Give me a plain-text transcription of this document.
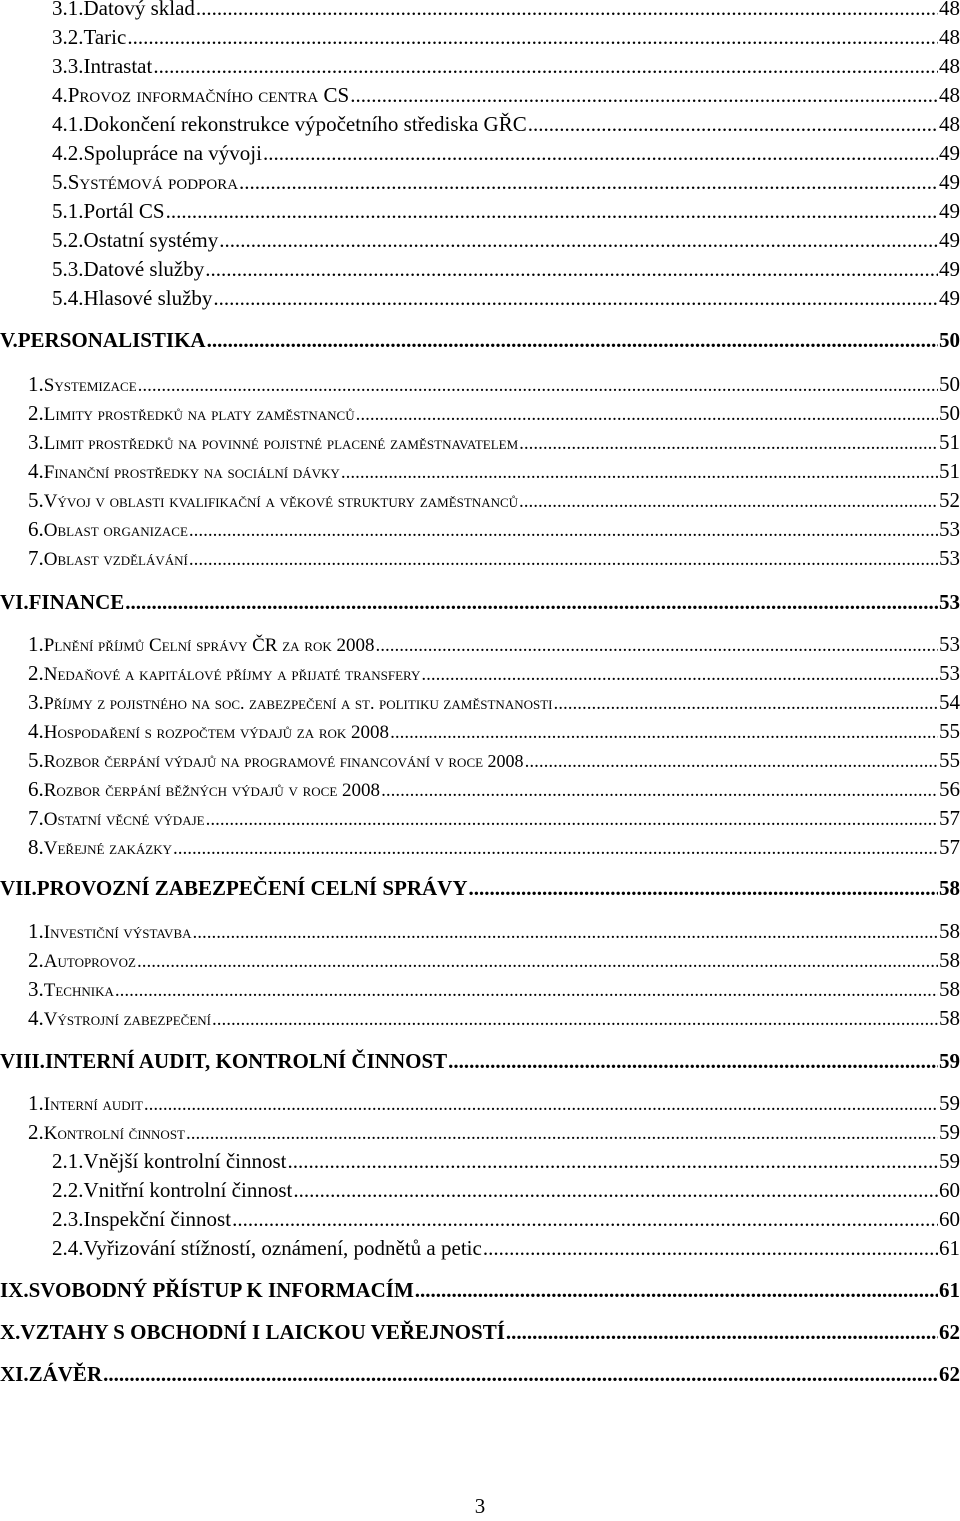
3.1. Datový sklad .....	48
3.2. Taric .....	48
3.3. Intrastat .....	48
4. Provoz informačního centra CS .....	48
4.1. Dokončení rekonstrukce výpočetního střediska GŘC .....	48
4.2. Spolupráce na vývoji .....	49
5. Systémová podpora .....	49
5.1. Portál CS .....	49
5.2. Ostatní systémy .....	49
5.3. Datové služby .....	49
5.4. Hlasové služby .....	49
V. PERSONALISTIKA .....	50
1. Systemizace .....	50
2. Limity prostředků na platy zaměstnanců .....	50
3. Limit prostředků na povinné pojistné placené zaměstnavatelem .....	51
4. Finanční prostředky na sociální dávky .....	51
5. Vývoj v oblasti kvalifikační a věkové struktury zaměstnanců .....	52
6. Oblast organizace .....	53
7. Oblast vzdělávání .....	53
VI. FINANCE .....	53
1. Plnění příjmů Celní správy ČR za rok 2008 .....	53
2. Nedaňové a kapitálové příjmy a přijaté transfery .....	53
3. Příjmy z pojistného na soc. zabezpečení a st. politiku zaměstnanosti .....	54
4. Hospodaření s rozpočtem výdajů za rok 2008 .....	55
5. Rozbor čerpání výdajů na programové financování v roce 2008 .....	55
6. Rozbor čerpání běžných výdajů v roce 2008 .....	56
7. Ostatní věcné výdaje .....	57
8. Veřejné zakázky .....	57
VII. PROVOZNÍ ZABEZPEČENÍ CELNÍ SPRÁVY .....	58
1. Investiční výstavba .....	58
2. Autoprovoz .....	58
3. Technika .....	58
4. Výstrojní zabezpečení .....	58
VIII. INTERNÍ AUDIT, KONTROLNÍ ČINNOST .....	59
1. Interní audit .....	59
2. Kontrolní činnost .....	59
2.1. Vnější kontrolní činnost .....	59
2.2. Vnitřní kontrolní činnost .....	60
2.3. Inspekční činnost .....	60
2.4. Vyřizování stížností, oznámení, podnětů a petic .....	61
IX. SVOBODNÝ PŘÍSTUP K INFORMACÍM .....	61
X. VZTAHY S OBCHODNÍ I LAICKOU VEŘEJNOSTÍ .....	62
XI. ZÁVĚR .....	62
3
